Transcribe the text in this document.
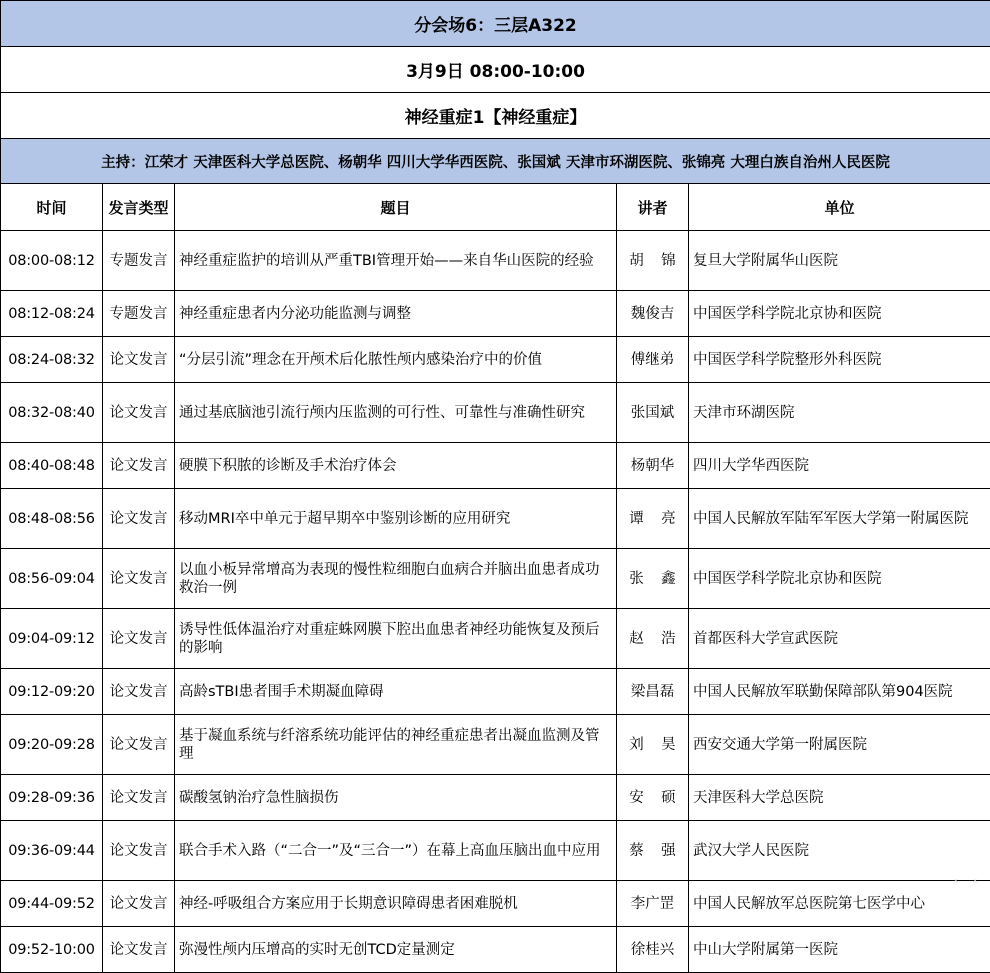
分会场6：三层A322				
3月9日 08:00-10:00				
神经重症1【神经重症】				
主持：江荣才 天津医科大学总医院、杨朝华 四川大学华西医院、张国斌 天津市环湖医院、张锦亮 大理白族自治州人民医院				
时间	发言类型	题目	讲者	单位
08:00-08:12	专题发言	神经重症监护的培训从严重TBI管理开始——来自华山医院的经验	胡锦	复旦大学附属华山医院
08:12-08:24	专题发言	神经重症患者内分泌功能监测与调整	魏俊吉	中国医学科学院北京协和医院
08:24-08:32	论文发言	“分层引流”理念在开颅术后化脓性颅内感染治疗中的价值	傅继弟	中国医学科学院整形外科医院
08:32-08:40	论文发言	通过基底脑池引流行颅内压监测的可行性、可靠性与准确性研究	张国斌	天津市环湖医院
08:40-08:48	论文发言	硬膜下积脓的诊断及手术治疗体会	杨朝华	四川大学华西医院
08:48-08:56	论文发言	移动MRI卒中单元于超早期卒中鉴别诊断的应用研究	谭亮	中国人民解放军陆军军医大学第一附属医院
08:56-09:04	论文发言	以血小板异常增高为表现的慢性粒细胞白血病合并脑出血患者成功救治一例	张鑫	中国医学科学院北京协和医院
09:04-09:12	论文发言	诱导性低体温治疗对重症蛛网膜下腔出血患者神经功能恢复及预后的影响	赵浩	首都医科大学宣武医院
09:12-09:20	论文发言	高龄sTBI患者围手术期凝血障碍	梁昌磊	中国人民解放军联勤保障部队第904医院
09:20-09:28	论文发言	基于凝血系统与纤溶系统功能评估的神经重症患者出凝血监测及管理	刘昊	西安交通大学第一附属医院
09:28-09:36	论文发言	碳酸氢钠治疗急性脑损伤	安硕	天津医科大学总医院
09:36-09:44	论文发言	联合手术入路（“二合一”及“三合一”）在幕上高血压脑出血中应用	蔡强	武汉大学人民医院
09:44-09:52	论文发言	神经-呼吸组合方案应用于长期意识障碍患者困难脱机	李广罡	中国人民解放军总医院第七医学中心
09:52-10:00	论文发言	弥漫性颅内压增高的实时无创TCD定量测定	徐桂兴	中山大学附属第一医院
‧ ‧
